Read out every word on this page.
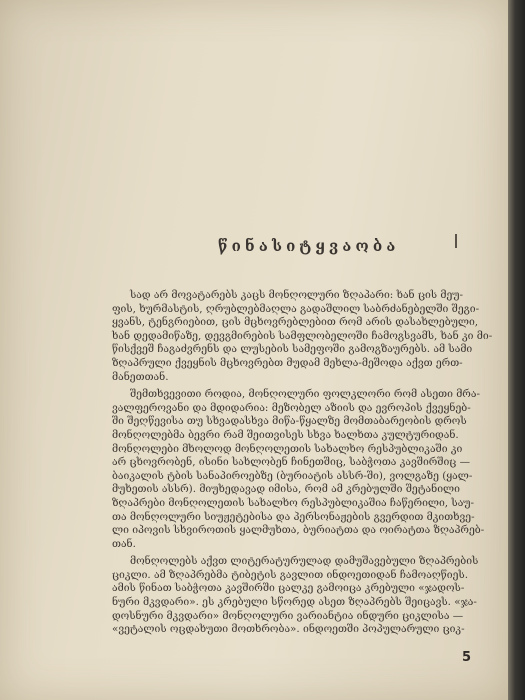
წინასიტყვაობა
სად არ მოვატარებს კაცს მონღოლური ზღაპარი: ხან ცის მეუ-
ფის, ხურმასტის, ღრუბლებმაღლა გადაშლილ საბრძანებელში შეგი-
ყვანს, ტენგრიებით, ცის მცხოვრებლებით რომ არის დასახლებული,
ხან დედამიწაზე, დევგმირების სამფლობელოში ჩამოგსვამს, ხან კი მი-
წისქვეშ ჩაგაძვრენს და ლუსების სამეფოში გამოგზაურებს. ამ სამი
ზღაპრული ქვეყნის მცხოვრებთ მუდამ მეხლა-მეშოდა აქვთ ერთ-
მანეთთან.
შემთხვევითი როდია, მონღოლური ფოლკლორი რომ ასეთი მრა-
ვალფეროვანი და მდიდარია: მეზობელ აზიის და ევროპის ქვეყნებ-
ში შეღწევისა თუ სხვადასხვა მიწა-წყალზე მომთაბარეობის დროს
მონღოლებმა ბევრი რამ შეითვისეს სხვა ხალხთა კულტურიდან.
მონღოლები მხოლოდ მონღოლეთის სახალხო რესპუბლიკაში კი
არ ცხოვრობენ, ისინი სახლობენ ჩინეთშიც, საბჭოთა კავშირშიც —
ბაიკალის ტბის სანაპიროებზე (ბურიატის ასსრ-ში), ვოლგაზე (ყალ-
მუხეთის ასსრ). მიუხედავად იმისა, რომ ამ კრებულში შეტანილი
ზღაპრები მონღოლეთის სახალხო რესპუბლიკაშია ჩაწერილი, საუ-
თა მონღოლური სიუჟეტებისა და პერსონაჟების გვერდით მკითხვე-
ლი იპოვის სხვიროთის ყალმუხთა, ბურიატთა და ოირატთა ზღაპრებ-
თან.
მონღოლებს აქვთ ლიტერატურულად დამუშავებული ზღაპრების
ციკლი. ამ ზღაპრებმა ტიბეტის გავლით ინდოეთიდან ჩამოაღწიეს.
ამის წინათ საბჭოთა კავშირში ცალკე გამოიცა კრებული «ჯადოს-
ნური მკვდარი». ეს კრებული სწორედ ასეთ ზღაპრებს შეიცავს. «ჯა-
დოსნური მკვდარი» მონღოლური ვარიანტია ინდური ციკლისა —
«ვეტალის ოცდახუთი მოთხრობა». ინდოეთში პოპულარული ციკ-
5
